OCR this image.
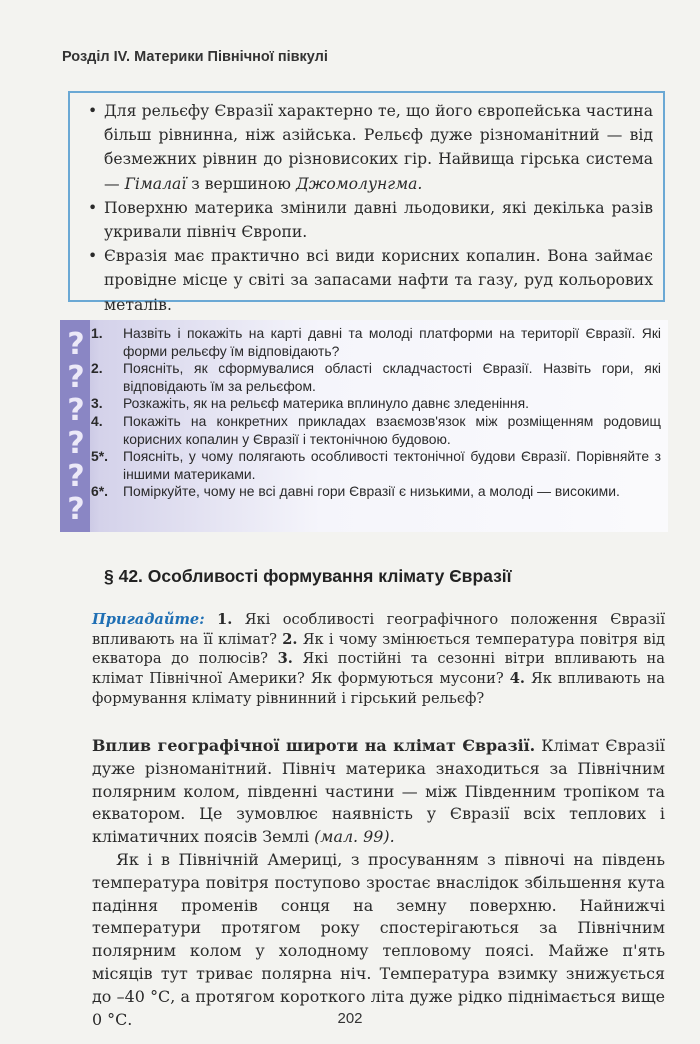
Розділ IV. Материки Північної півкулі

• Для рельєфу Євразії характерно те, що його європейська частина більш рівнинна, ніж азійська. Рельєф дуже різноманітний — від безмежних рівнин до різновисоких гір. Найвища гірська система — Гімалаї з вершиною Джомолунгма.

• Поверхню материка змінили давні льодовики, які декілька разів укривали північ Європи.

• Євразія має практично всі види корисних копалин. Вона займає провідне місце у світі за запасами нафти та газу, руд кольорових металів.

?
?
?
?
?
?
1. Назвіть і покажіть на карті давні та молоді платформи на території Євразії. Які форми рельєфу їм відповідають?
2. Поясніть, як сформувалися області складчастості Євразії. Назвіть гори, які відповідають їм за рельєфом.
3. Розкажіть, як на рельєф материка вплинуло давнє зледеніння.
4. Покажіть на конкретних прикладах взаємозв'язок між розміщенням родовищ корисних копалин у Євразії і тектонічною будовою.
5*. Поясніть, у чому полягають особливості тектонічної будови Євразії. Порівняйте з іншими материками.
6*. Поміркуйте, чому не всі давні гори Євразії є низькими, а молоді — високими.
§ 42. Особливості формування клімату Євразії
Пригадайте: 1. Які особливості географічного положення Євразії впливають на її клімат? 2. Як і чому змінюється температура повітря від екватора до полюсів? 3. Які постійні та сезонні вітри впливають на клімат Північної Америки? Як формуються мусони? 4. Як впливають на формування клімату рівнинний і гірський рельєф?

Вплив географічної широти на клімат Євразії. Клімат Євразії дуже різноманітний. Північ материка знаходиться за Північним полярним колом, південні частини — між Південним тропіком та екватором. Це зумовлює наявність у Євразії всіх теплових і кліматичних поясів Землі (мал. 99).

Як і в Північній Америці, з просуванням з півночі на південь температура повітря поступово зростає внаслідок збільшення кута падіння променів сонця на земну поверхню. Найнижчі температури протягом року спостерігаються за Північним полярним колом у холодному тепловому поясі. Майже п'ять місяців тут триває полярна ніч. Температура взимку знижується до –40 °С, а протягом короткого літа дуже рідко піднімається вище 0 °С.	202
